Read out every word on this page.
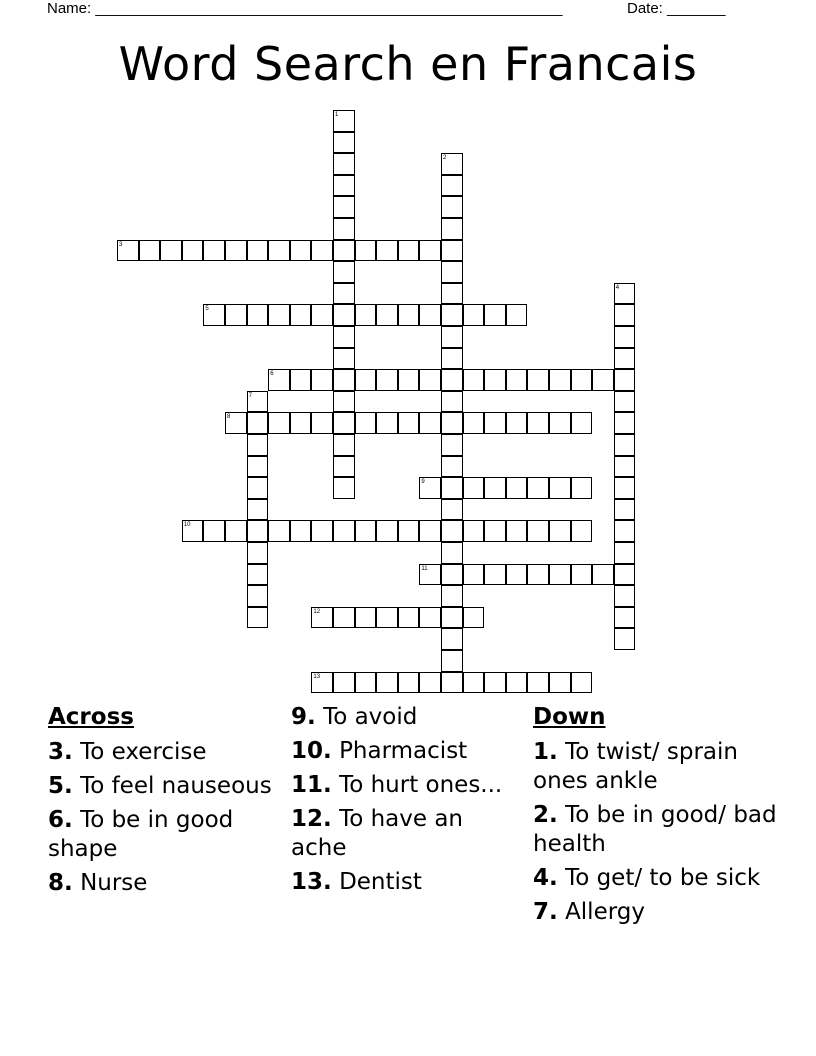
Name: ________________________________________________________	Date: _______
Word Search en Francais
1
2
3
4
5
6
7
8
9
10
11
12
13
Across
3. To exercise
5. To feel nauseous
6. To be in good shape
8. Nurse
9. To avoid
10. Pharmacist
11. To hurt ones...
12. To have an ache
13. Dentist
Down
1. To twist/ sprain ones ankle
2. To be in good/ bad health
4. To get/ to be sick
7. Allergy
